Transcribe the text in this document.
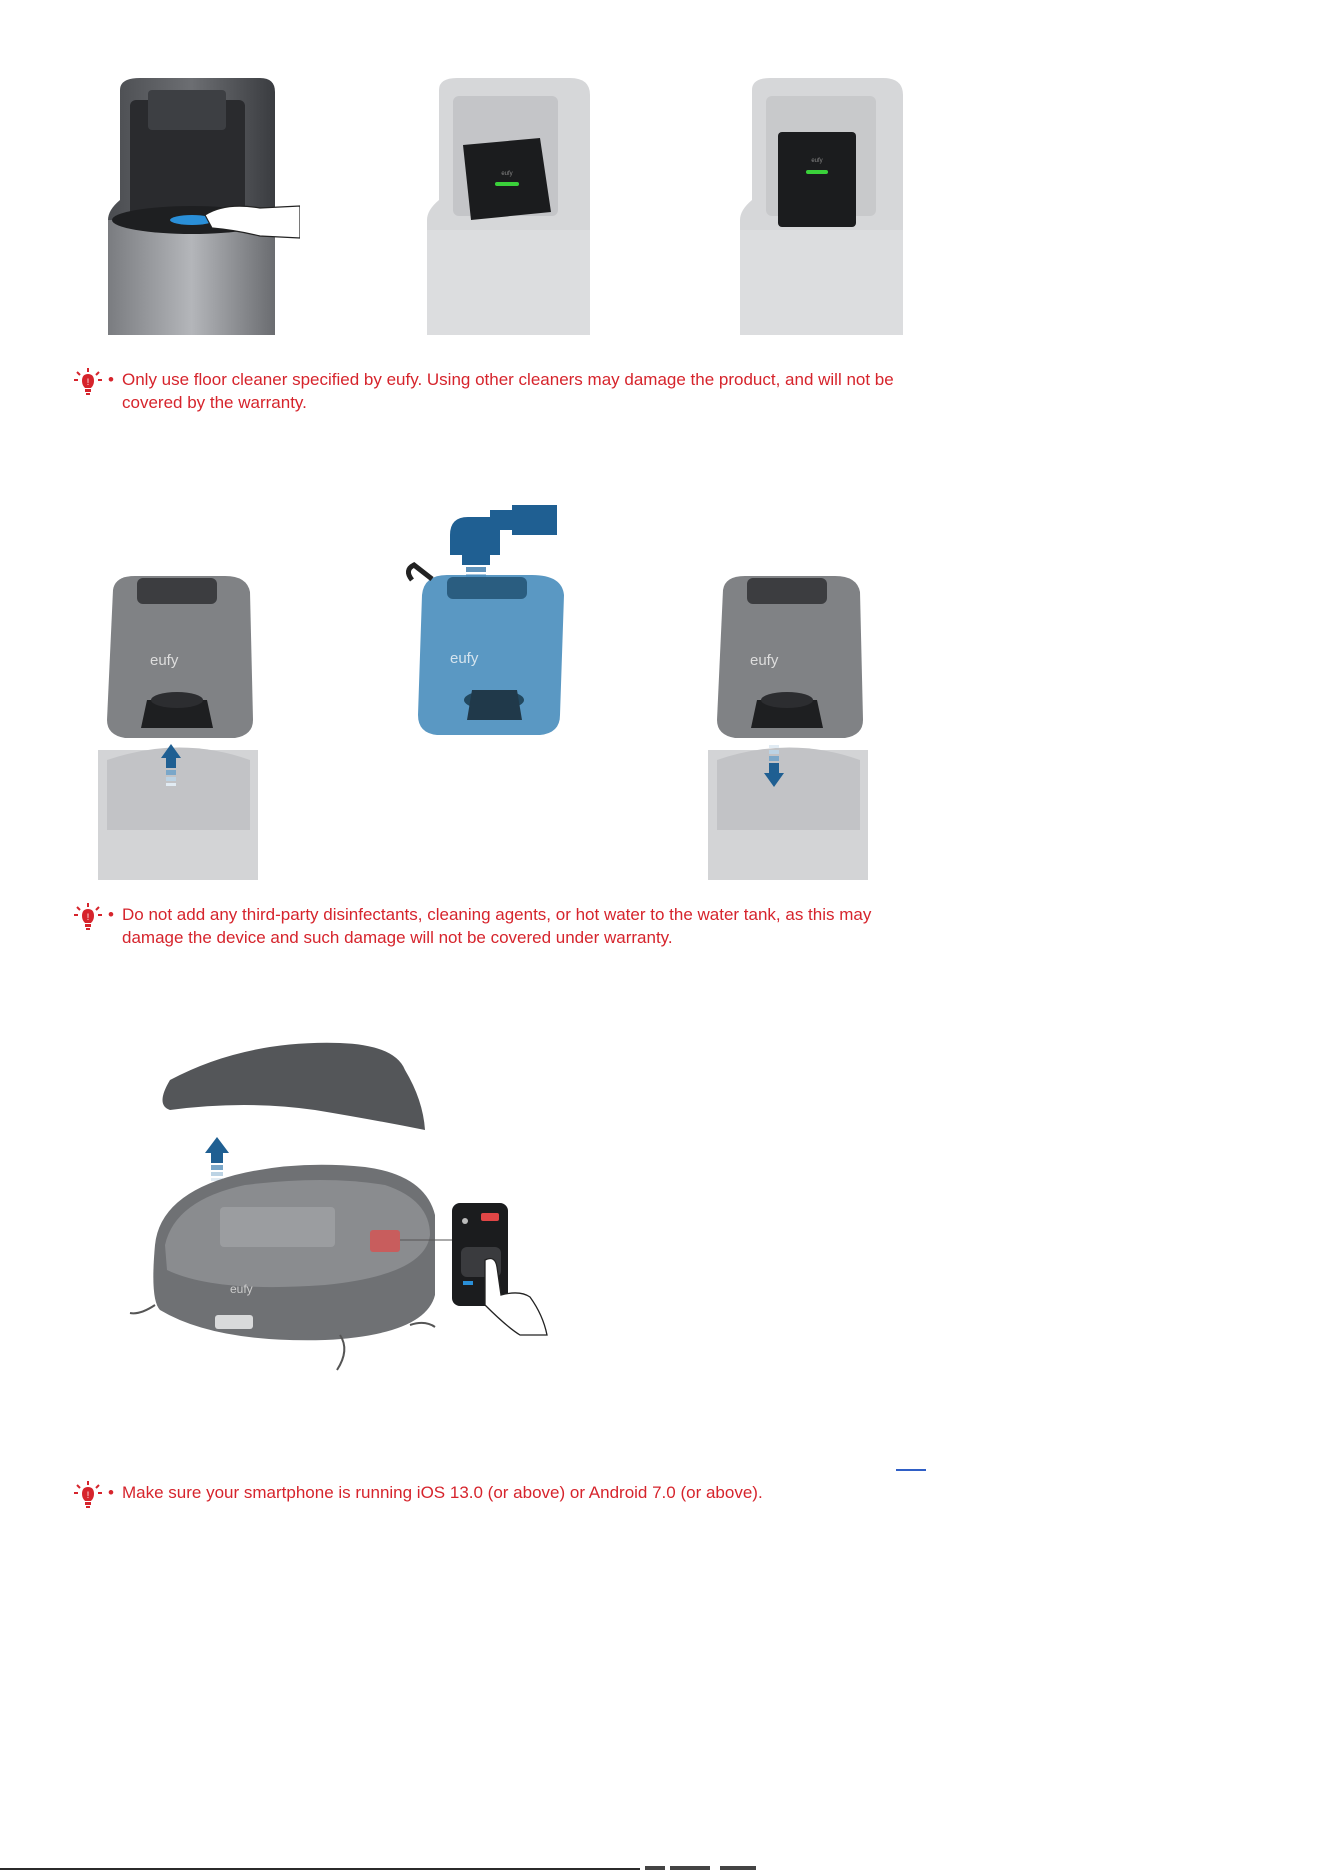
eufy
eufy
! • Only use floor cleaner specified by eufy. Using other cleaners may damage the product, and will not be
covered by the warranty.
eufy	eufy	eufy
! • Do not add any third-party disinfectants, cleaning agents, or hot water to the water tank, as this may
damage the device and such damage will not be covered under warranty.
eufy
! • Make sure your smartphone is running iOS 13.0 (or above) or Android 7.0 (or above).
